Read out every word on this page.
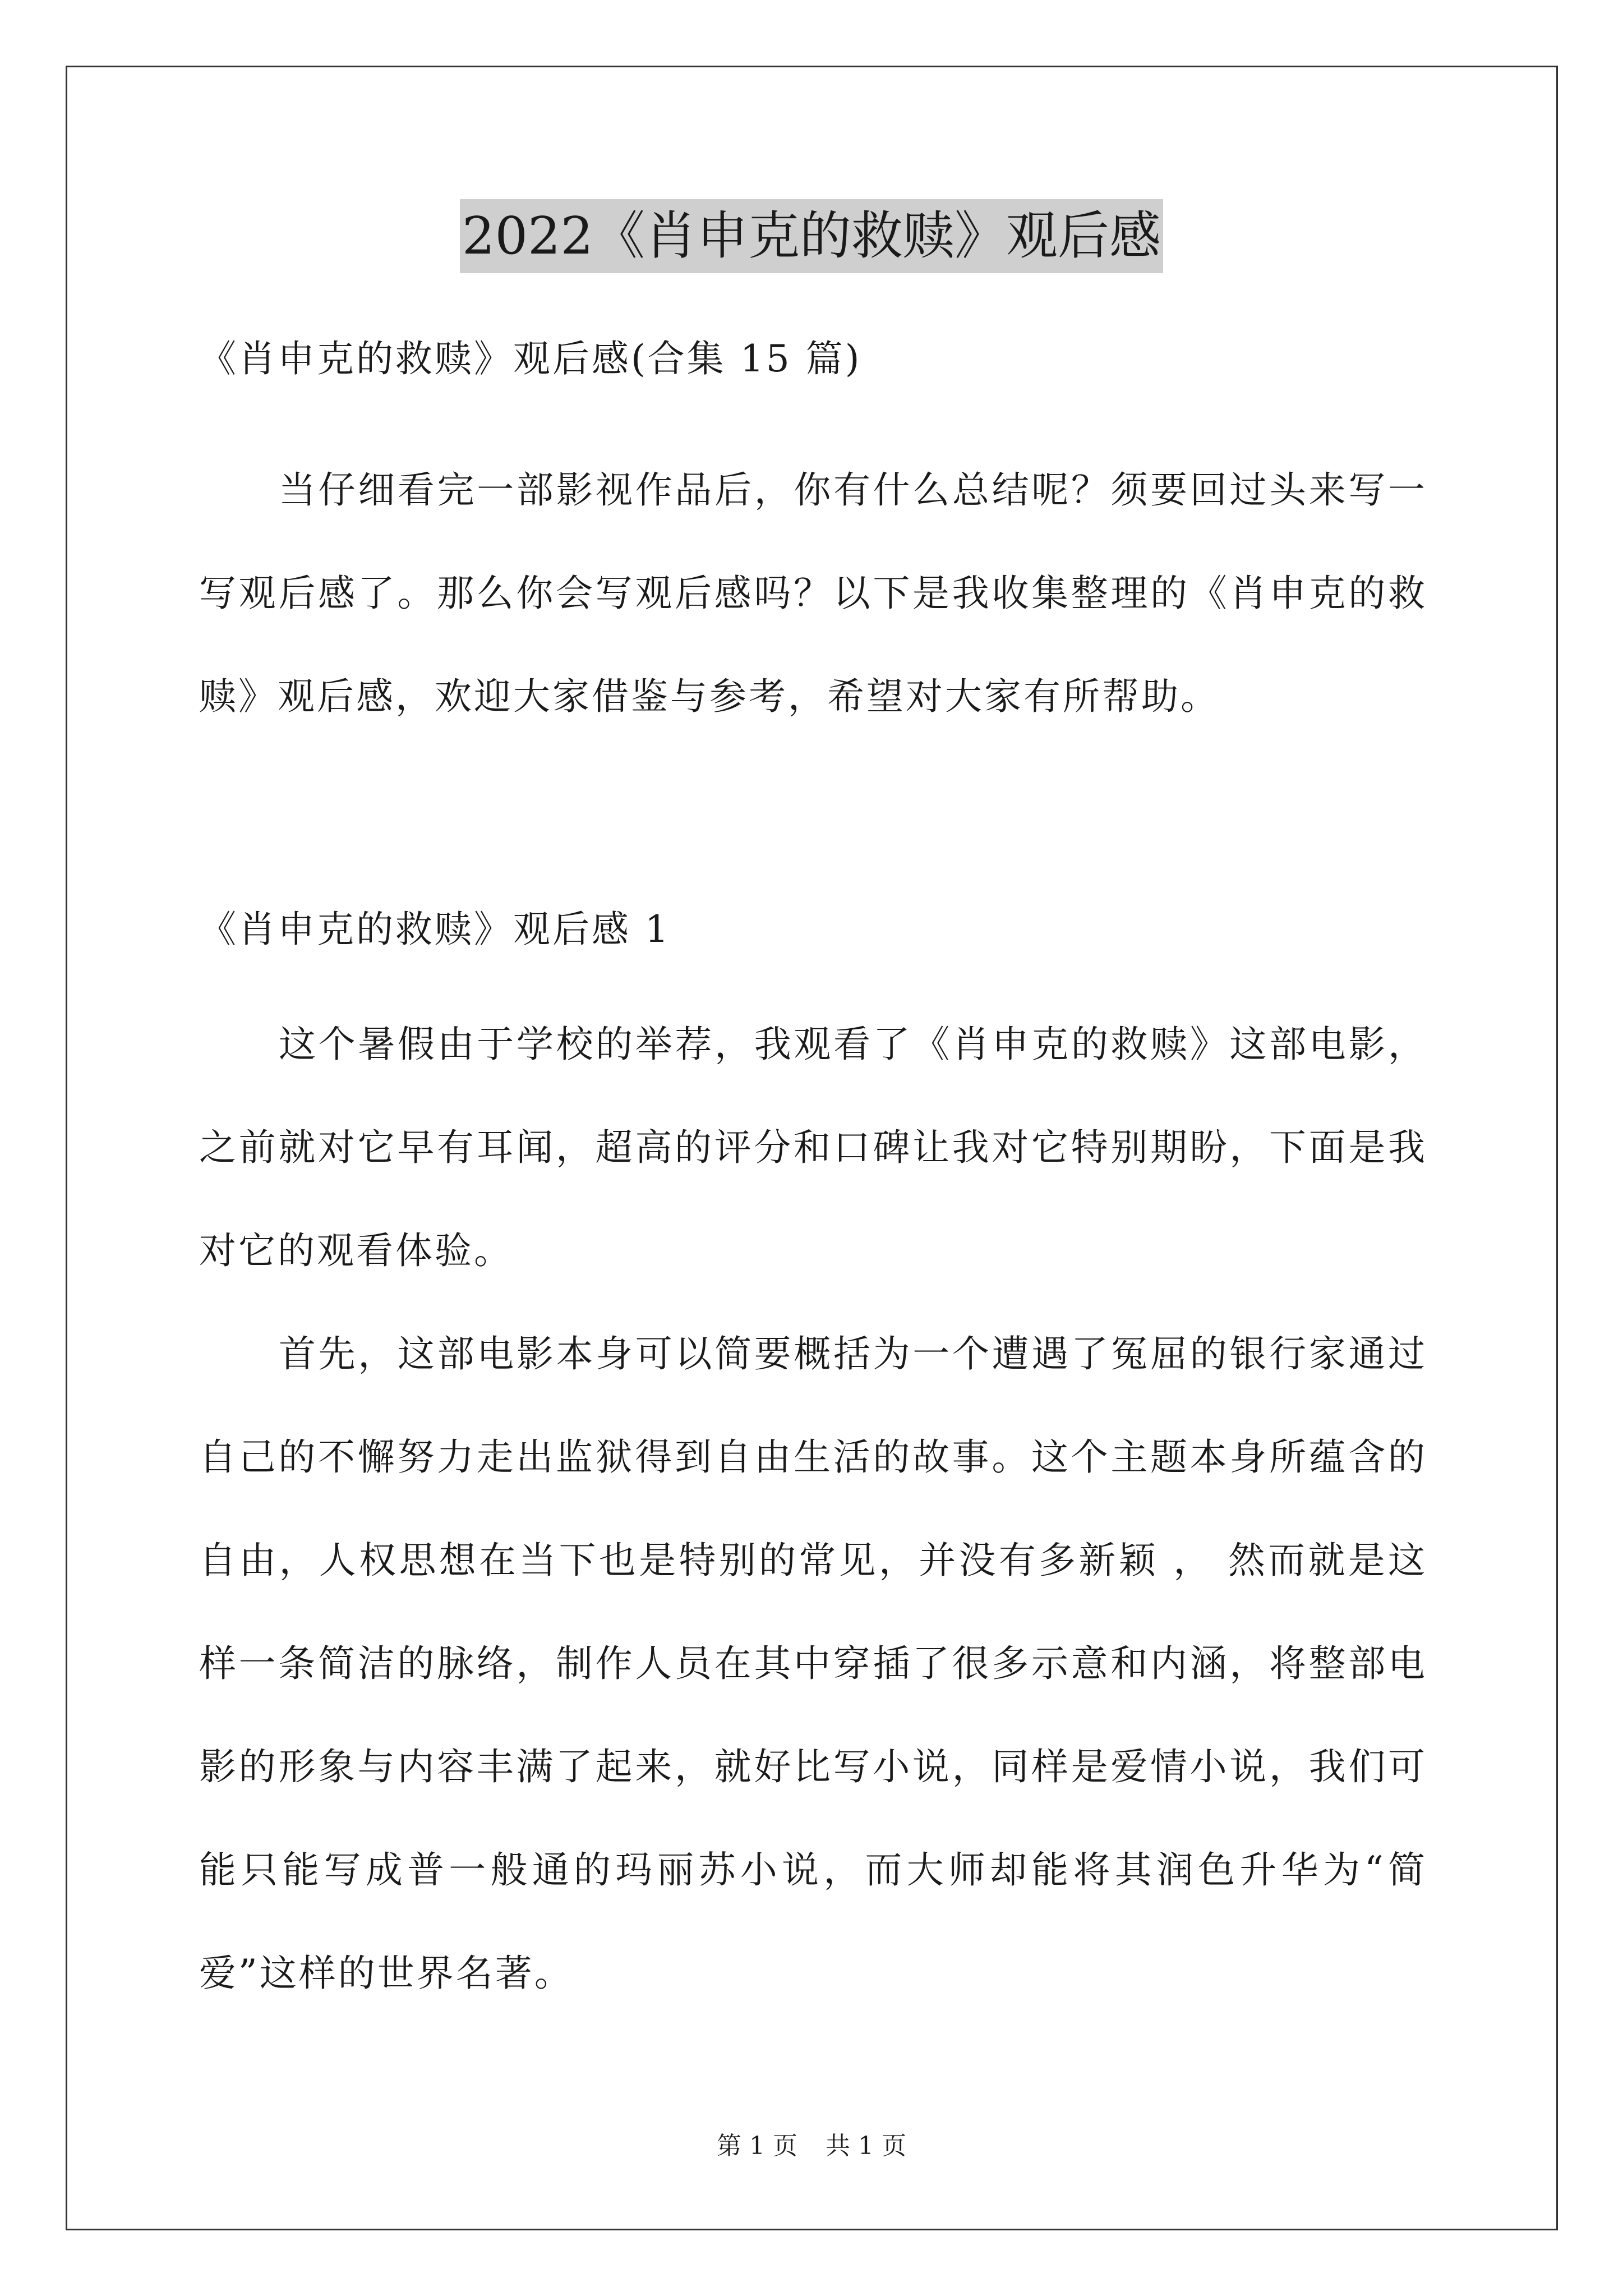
2022《肖申克的救赎》观后感
《肖申克的救赎》观后感(合集 15 篇)

当仔细看完一部影视作品后，你有什么总结呢？须要回过头来写一写观后感了。那么你会写观后感吗？以下是我收集整理的《肖申克的救赎》观后感，欢迎大家借鉴与参考，希望对大家有所帮助。

《肖申克的救赎》观后感 1

这个暑假由于学校的举荐，我观看了《肖申克的救赎》这部电影，之前就对它早有耳闻，超高的评分和口碑让我对它特别期盼，下面是我对它的观看体验。

首先，这部电影本身可以简要概括为一个遭遇了冤屈的银行家通过自己的不懈努力走出监狱得到自由生活的故事。这个主题本身所蕴含的自由，人权思想在当下也是特别的常见，并没有多新颖 ， 然而就是这样一条简洁的脉络，制作人员在其中穿插了很多示意和内涵，将整部电影的形象与内容丰满了起来，就好比写小说，同样是爱情小说，我们可能只能写成普一般通的玛丽苏小说，而大师却能将其润色升华为“简爱”这样的世界名著。

第 1 页 共 1 页
